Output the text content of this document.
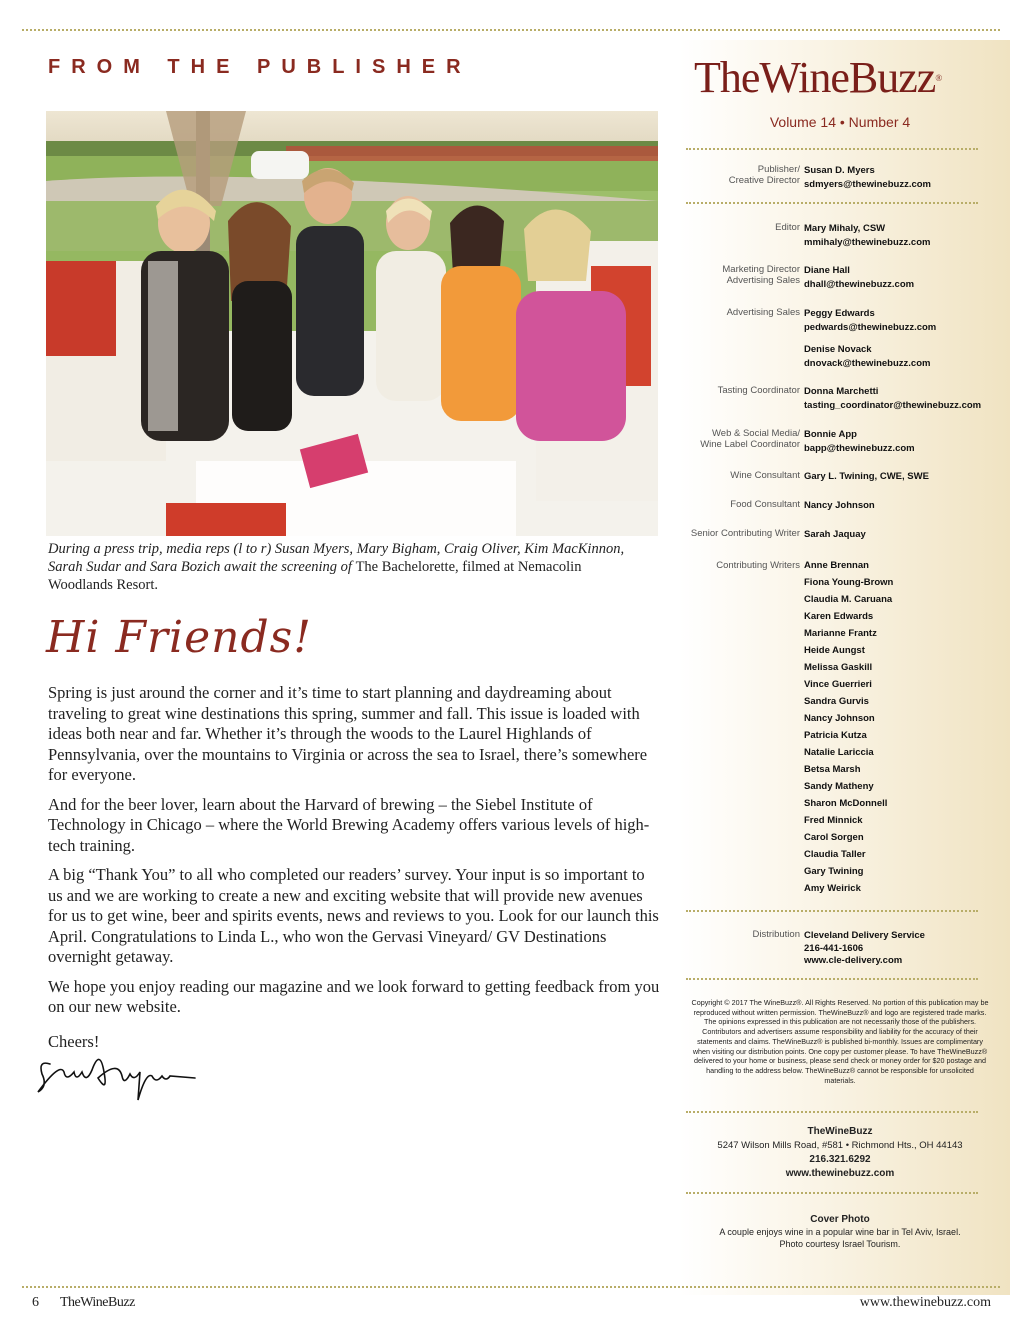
FROM THE PUBLISHER
During a press trip, media reps (l to r) Susan Myers, Mary Bigham, Craig Oliver, Kim MacKinnon, Sarah Sudar and Sara Bozich await the screening of The Bachelorette, filmed at Nemacolin Woodlands Resort.
Hi Friends!

Spring is just around the corner and it’s time to start planning and daydreaming about traveling to great wine destinations this spring, summer and fall. This issue is loaded with ideas both near and far. Whether it’s through the woods to the Laurel Highlands of Pennsylvania, over the mountains to Virginia or across the sea to Israel, there’s somewhere for everyone.

And for the beer lover, learn about the Harvard of brewing – the Siebel Institute of Technology in Chicago – where the World Brewing Academy offers various levels of high-tech training.

A big “Thank You” to all who completed our readers’ survey. Your input is so important to us and we are working to create a new and exciting website that will provide new avenues for us to get wine, beer and spirits events, news and reviews to you. Look for our launch this April. Congratulations to Linda L., who won the Gervasi Vineyard/ GV Destinations overnight getaway.

We hope you enjoy reading our magazine and we look forward to getting feedback from you on our new website.

Cheers!

TheWineBuzz®
Volume 14 • Number 4
Publisher/
Creative Director
Susan D. Myers
sdmyers@thewinebuzz.com
Editor Mary Mihaly, CSW
mmihaly@thewinebuzz.com
Marketing Director
Advertising Sales
Diane Hall
dhall@thewinebuzz.com
Advertising Sales Peggy Edwards
pedwards@thewinebuzz.com
Denise Novack
dnovack@thewinebuzz.com
Tasting Coordinator Donna Marchetti
tasting_coordinator@thewinebuzz.com
Web & Social Media/
Wine Label Coordinator
Bonnie App
bapp@thewinebuzz.com
Wine Consultant Gary L. Twining, CWE, SWE
Food Consultant Nancy Johnson
Senior Contributing Writer Sarah Jaquay
Contributing Writers Anne Brennan
Fiona Young-Brown
Claudia M. Caruana
Karen Edwards
Marianne Frantz
Heide Aungst
Melissa Gaskill
Vince Guerrieri
Sandra Gurvis
Nancy Johnson
Patricia Kutza
Natalie Lariccia
Betsa Marsh
Sandy Matheny
Sharon McDonnell
Fred Minnick
Carol Sorgen
Claudia Taller
Gary Twining
Amy Weirick
Distribution Cleveland Delivery Service
216-441-1606
www.cle-delivery.com
Copyright © 2017 The WineBuzz®. All Rights Reserved. No portion of this publication may be reproduced without written permission. TheWineBuzz® and logo are registered trade marks. The opinions expressed in this publication are not necessarily those of the publishers. Contributors and advertisers assume responsibility and liability for the accuracy of their statements and claims. TheWineBuzz® is published bi-monthly. Issues are complimentary when visiting our distribution points. One copy per customer please. To have TheWineBuzz® delivered to your home or business, please send check or money order for $20 postage and handling to the address below. TheWineBuzz® cannot be responsible for unsolicited materials.
TheWineBuzz
5247 Wilson Mills Road, #581 • Richmond Hts., OH 44143
216.321.6292
www.thewinebuzz.com
Cover Photo
A couple enjoys wine in a popular wine bar in Tel Aviv, Israel.
Photo courtesy Israel Tourism.
6 TheWineBuzz	www.thewinebuzz.com
